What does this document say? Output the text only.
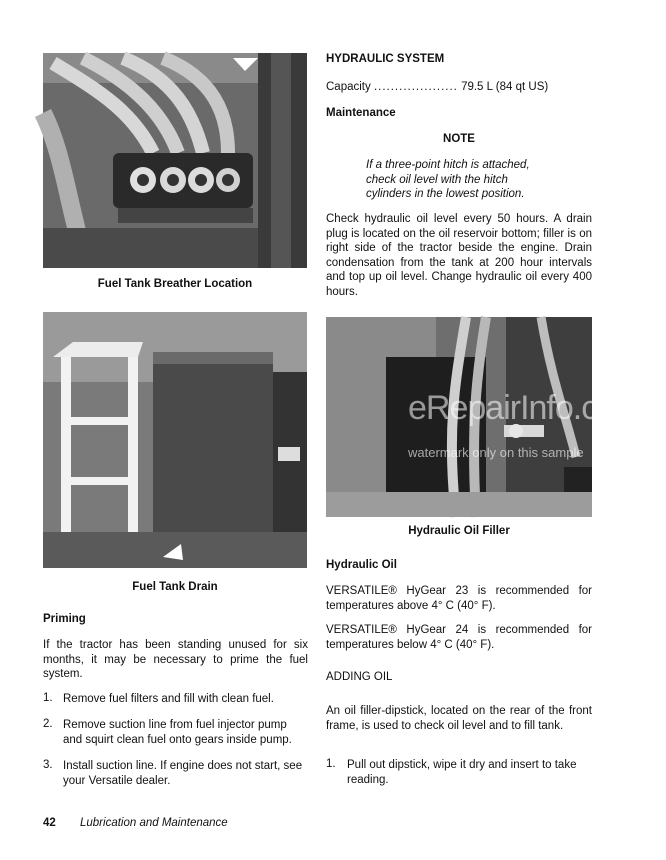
Fuel Tank Breather Location
Fuel Tank Drain
Priming
If the tractor has been standing unused for six months, it may be necessary to prime the fuel system.
1. Remove fuel filters and fill with clean fuel.
2. Remove suction line from fuel injector pump and squirt clean fuel onto gears inside pump.
3. Install suction line. If engine does not start, see your Versatile dealer.
HYDRAULIC SYSTEM
Capacity .................... 79.5 L (84 qt US)
Maintenance
NOTE
If a three-point hitch is attached, check oil level with the hitch cylinders in the lowest position.
Check hydraulic oil level every 50 hours. A drain plug is located on the oil reservoir bottom; filler is on right side of the tractor beside the engine. Drain condensation from the tank at 200 hour intervals and top up oil level. Change hydraulic oil every 400 hours.
eRepairInfo.com
watermark only on this sample
Hydraulic Oil Filler
Hydraulic Oil
VERSATILE® HyGear 23 is recommended for temperatures above 4° C (40° F).
VERSATILE® HyGear 24 is recommended for temperatures below 4° C (40° F).
ADDING OIL
An oil filler-dipstick, located on the rear of the front frame, is used to check oil level and to fill tank.
1. Pull out dipstick, wipe it dry and insert to take reading.
42 Lubrication and Maintenance
